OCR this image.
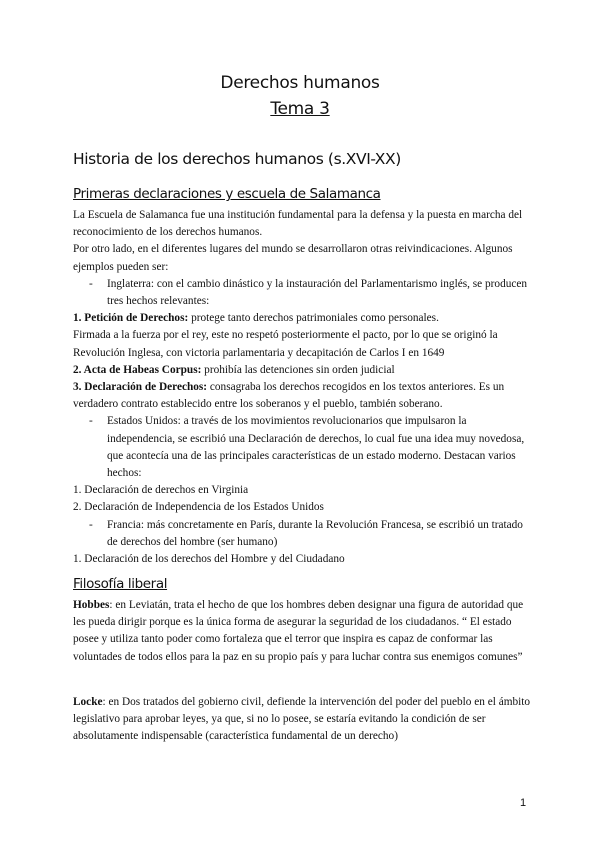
Derechos humanos
Tema 3
Historia de los derechos humanos (s.XVI-XX)
Primeras declaraciones y escuela de Salamanca

La Escuela de Salamanca fue una institución fundamental para la defensa y la puesta en marcha del reconocimiento de los derechos humanos.

Por otro lado, en el diferentes lugares del mundo se desarrollaron otras reivindicaciones. Algunos ejemplos pueden ser:

- Inglaterra: con el cambio dinástico y la instauración del Parlamentarismo inglés, se producen tres hechos relevantes:

1. Petición de Derechos: protege tanto derechos patrimoniales como personales.

Firmada a la fuerza por el rey, este no respetó posteriormente el pacto, por lo que se originó la Revolución Inglesa, con victoria parlamentaria y decapitación de Carlos I en 1649

2. Acta de Habeas Corpus: prohibía las detenciones sin orden judicial

3. Declaración de Derechos: consagraba los derechos recogidos en los textos anteriores. Es un verdadero contrato establecido entre los soberanos y el pueblo, también soberano.

- Estados Unidos: a través de los movimientos revolucionarios que impulsaron la independencia, se escribió una Declaración de derechos, lo cual fue una idea muy novedosa, que acontecía una de las principales características de un estado moderno. Destacan varios hechos:

1. Declaración de derechos en Virginia

2. Declaración de Independencia de los Estados Unidos

- Francia: más concretamente en París, durante la Revolución Francesa, se escribió un tratado de derechos del hombre (ser humano)

1. Declaración de los derechos del Hombre y del Ciudadano

Filosofía liberal

Hobbes: en Leviatán, trata el hecho de que los hombres deben designar una figura de autoridad que les pueda dirigir porque es la única forma de asegurar la seguridad de los ciudadanos. “ El estado posee y utiliza tanto poder como fortaleza que el terror que inspira es capaz de conformar las voluntades de todos ellos para la paz en su propio país y para luchar contra sus enemigos comunes”

Locke: en Dos tratados del gobierno civil, defiende la intervención del poder del pueblo en el ámbito legislativo para aprobar leyes, ya que, si no lo posee, se estaría evitando la condición de ser absolutamente indispensable (característica fundamental de un derecho)

1
